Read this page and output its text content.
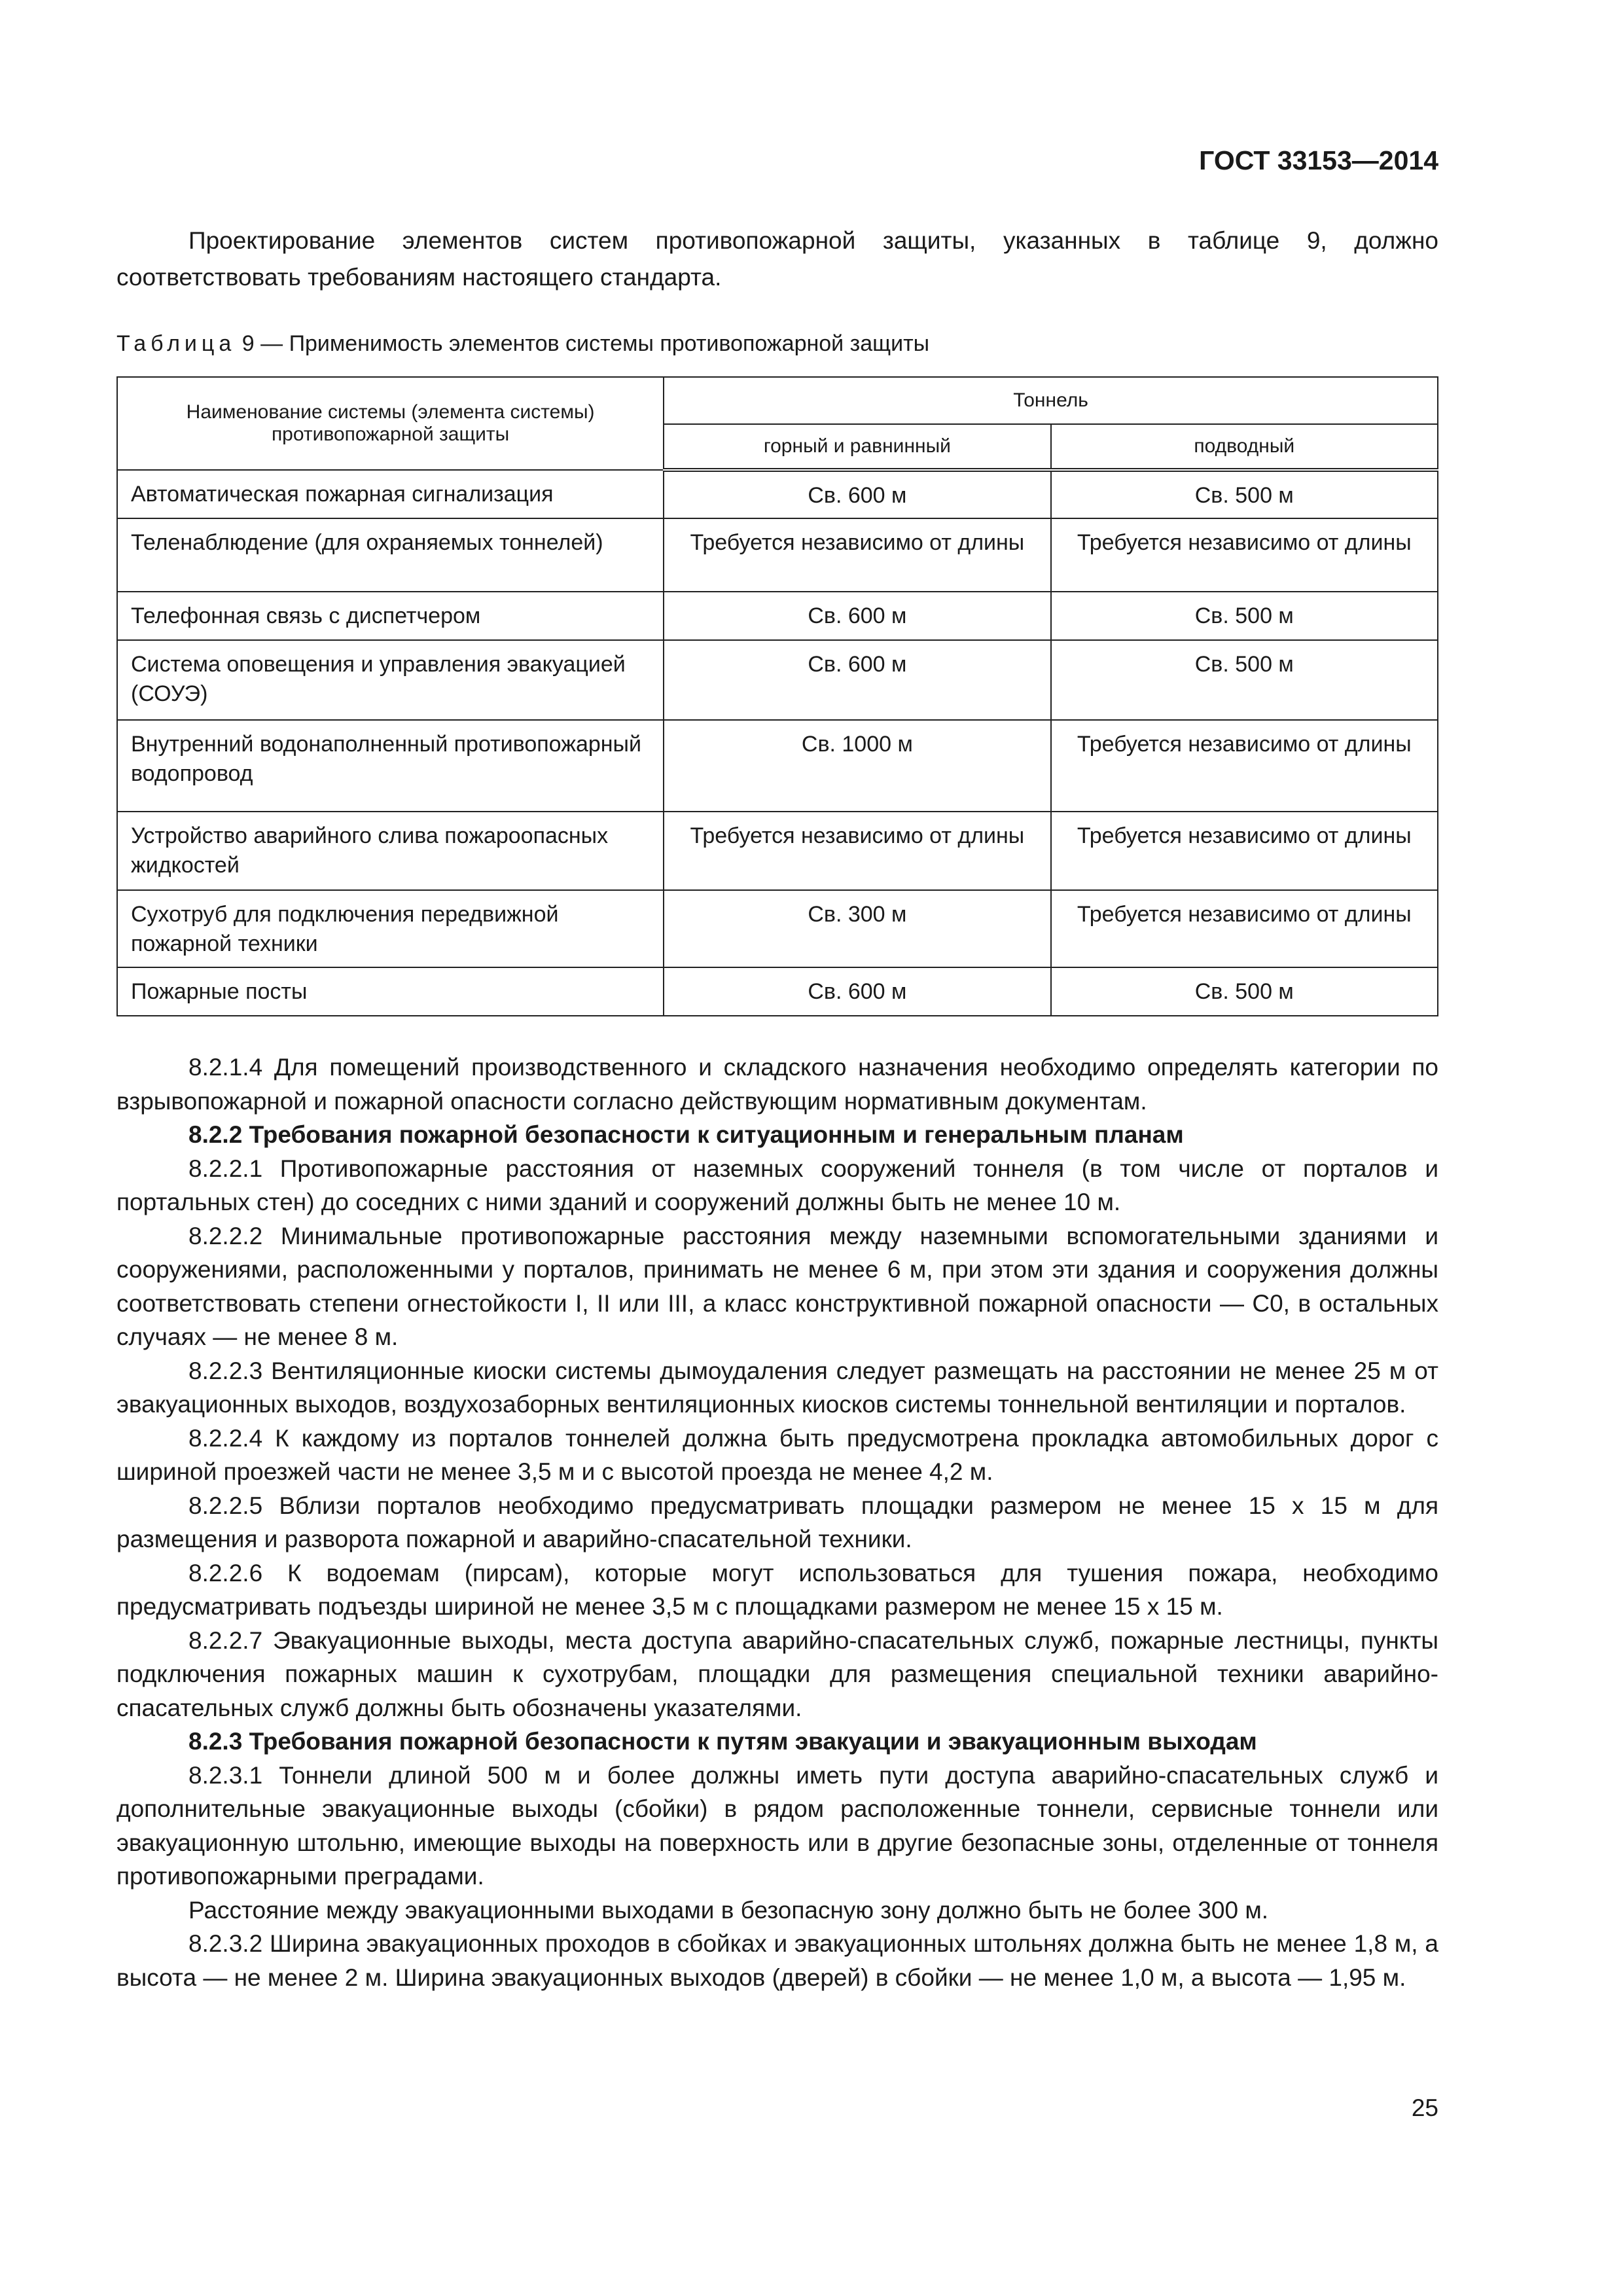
ГОСТ 33153—2014

Проектирование элементов систем противопожарной защиты, указанных в таблице 9, должно соответствовать требованиям настоящего стандарта.

Таблица 9 — Применимость элементов системы противопожарной защиты
Наименование системы (элемента системы) противопожарной защиты	Тоннель	
	горный и равнинный	подводный
Автоматическая пожарная сигнализация	Св. 600 м	Св. 500 м
Теленаблюдение (для охраняемых тоннелей)	Требуется независимо от длины	Требуется независимо от длины
Телефонная связь с диспетчером	Св. 600 м	Св. 500 м
Система оповещения и управления эвакуацией (СОУЭ)	Св. 600 м	Св. 500 м
Внутренний водонаполненный противопожарный водопровод	Св. 1000 м	Требуется независимо от длины
Устройство аварийного слива пожароопасных жидкостей	Требуется независимо от длины	Требуется независимо от длины
Сухотруб для подключения передвижной пожарной техники	Св. 300 м	Требуется независимо от длины
Пожарные посты	Св. 600 м	Св. 500 м

8.2.1.4 Для помещений производственного и складского назначения необходимо определять категории по взрывопожарной и пожарной опасности согласно действующим нормативным документам.

8.2.2 Требования пожарной безопасности к ситуационным и генеральным планам

8.2.2.1 Противопожарные расстояния от наземных сооружений тоннеля (в том числе от порталов и портальных стен) до соседних с ними зданий и сооружений должны быть не менее 10 м.

8.2.2.2 Минимальные противопожарные расстояния между наземными вспомогательными зданиями и сооружениями, расположенными у порталов, принимать не менее 6 м, при этом эти здания и сооружения должны соответствовать степени огнестойкости I, II или III, а класс конструктивной пожарной опасности — С0, в остальных случаях — не менее 8 м.

8.2.2.3 Вентиляционные киоски системы дымоудаления следует размещать на расстоянии не менее 25 м от эвакуационных выходов, воздухозаборных вентиляционных киосков системы тоннельной вентиляции и порталов.

8.2.2.4 К каждому из порталов тоннелей должна быть предусмотрена прокладка автомобильных дорог с шириной проезжей части не менее 3,5 м и с высотой проезда не менее 4,2 м.

8.2.2.5 Вблизи порталов необходимо предусматривать площадки размером не менее 15 х 15 м для размещения и разворота пожарной и аварийно-спасательной техники.

8.2.2.6 К водоемам (пирсам), которые могут использоваться для тушения пожара, необходимо предусматривать подъезды шириной не менее 3,5 м с площадками размером не менее 15 х 15 м.

8.2.2.7 Эвакуационные выходы, места доступа аварийно-спасательных служб, пожарные лестницы, пункты подключения пожарных машин к сухотрубам, площадки для размещения специальной техники аварийно-спасательных служб должны быть обозначены указателями.

8.2.3 Требования пожарной безопасности к путям эвакуации и эвакуационным выходам

8.2.3.1 Тоннели длиной 500 м и более должны иметь пути доступа аварийно-спасательных служб и дополнительные эвакуационные выходы (сбойки) в рядом расположенные тоннели, сервисные тоннели или эвакуационную штольню, имеющие выходы на поверхность или в другие безопасные зоны, отделенные от тоннеля противопожарными преградами.

Расстояние между эвакуационными выходами в безопасную зону должно быть не более 300 м.

8.2.3.2 Ширина эвакуационных проходов в сбойках и эвакуационных штольнях должна быть не менее 1,8 м, а высота — не менее 2 м. Ширина эвакуационных выходов (дверей) в сбойки — не менее 1,0 м, а высота — 1,95 м.

25
